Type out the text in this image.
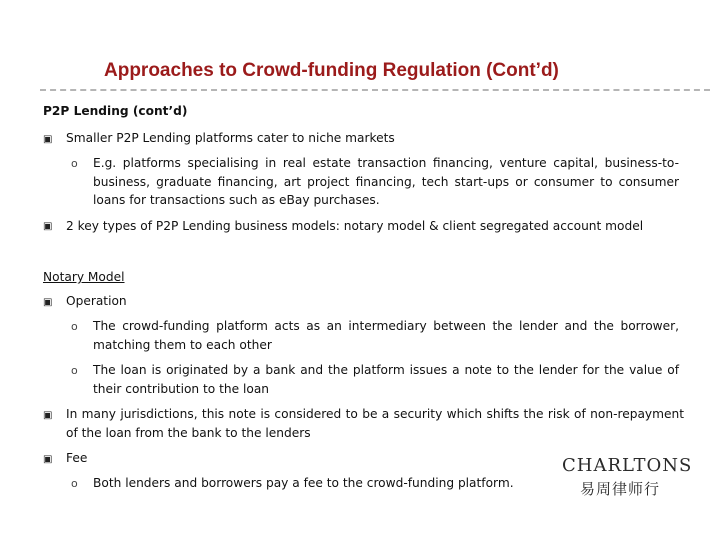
Approaches to Crowd-funding Regulation (Cont’d)
P2P Lending (cont’d)
▣ Smaller P2P Lending platforms cater to niche markets
o E.g. platforms specialising in real estate transaction financing, venture capital, business-to-business, graduate financing, art project financing, tech start-ups or consumer to consumer loans for transactions such as eBay purchases.
▣ 2 key types of P2P Lending business models: notary model & client segregated account model
Notary Model
▣ Operation
o The crowd-funding platform acts as an intermediary between the lender and the borrower, matching them to each other
o The loan is originated by a bank and the platform issues a note to the lender for the value of their contribution to the loan
▣ In many jurisdictions, this note is considered to be a security which shifts the risk of non-repayment of the loan from the bank to the lenders
▣ Fee
o Both lenders and borrowers pay a fee to the crowd-funding platform.
CHARLTONS
易周律师行
